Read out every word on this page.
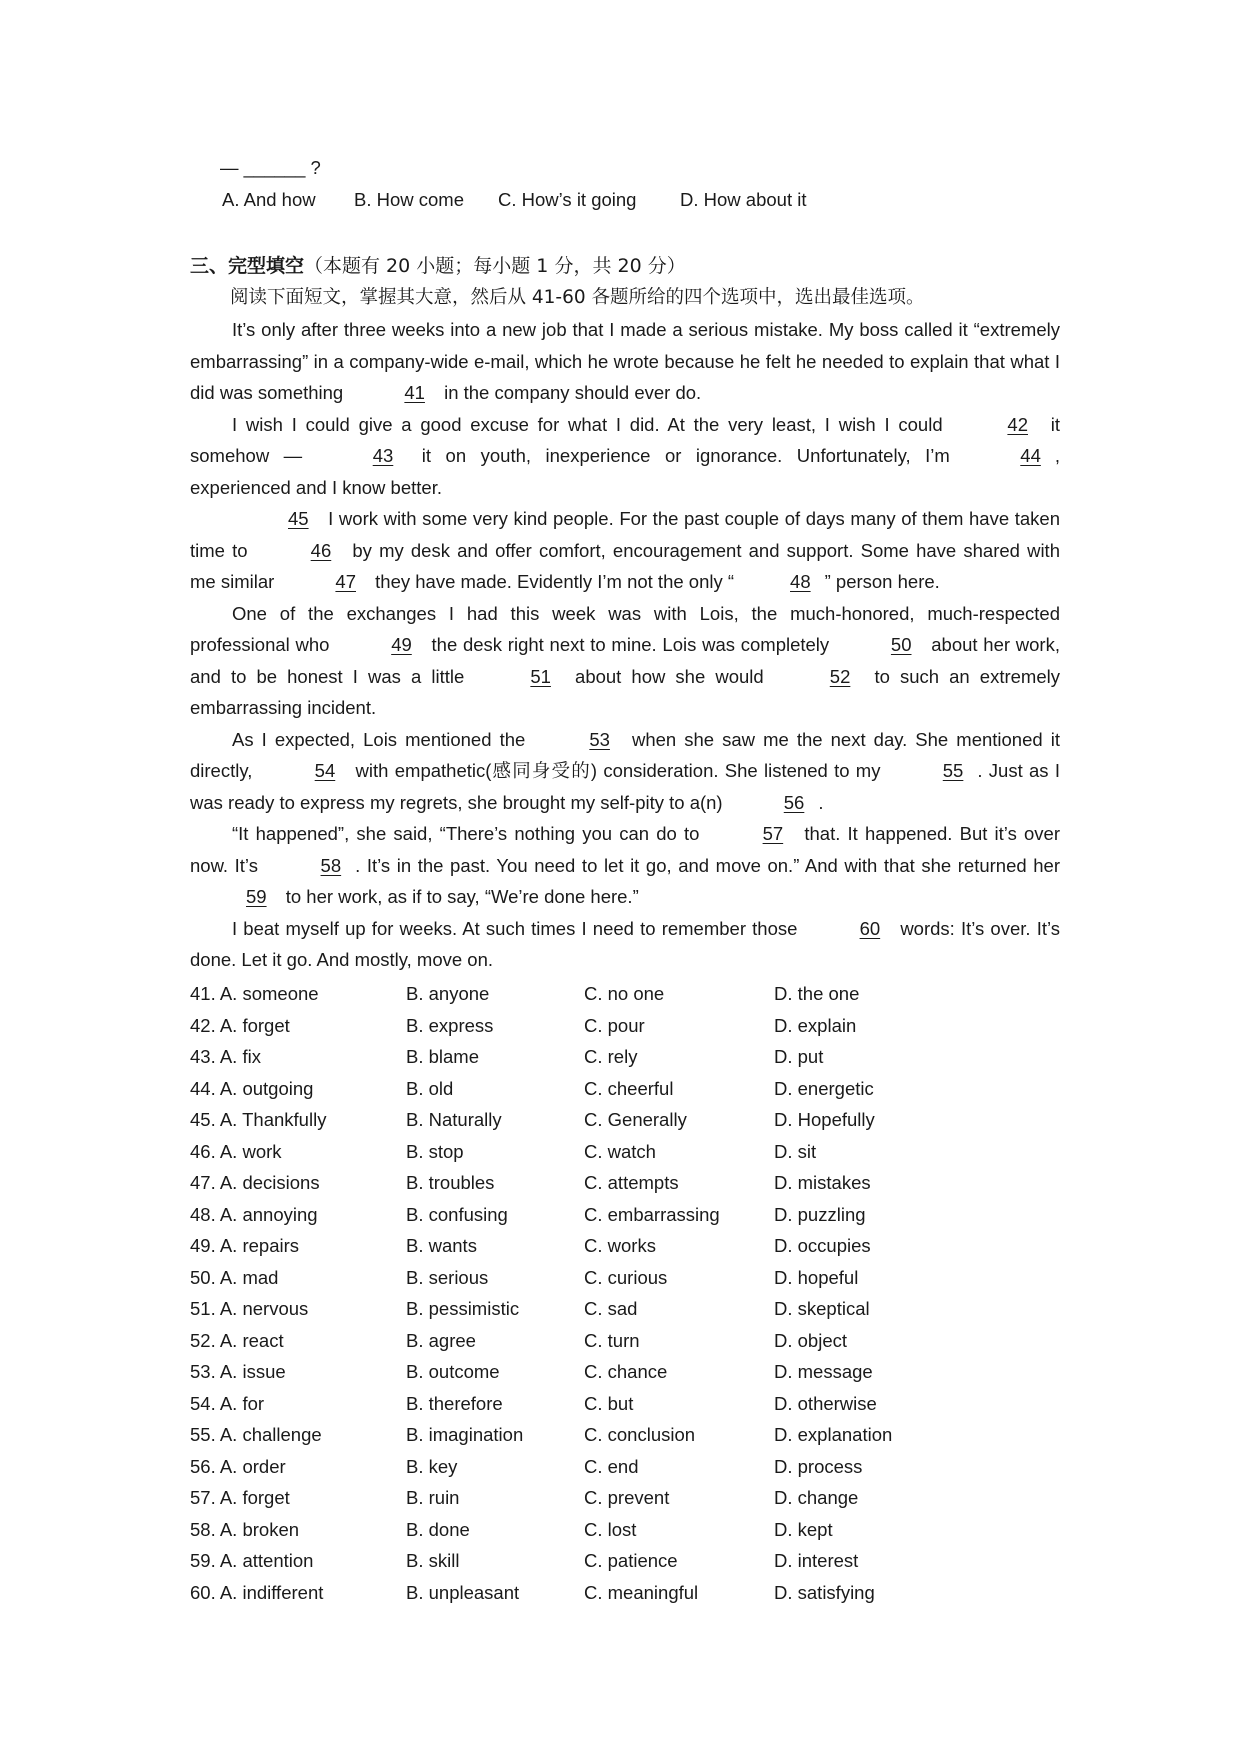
— ______ ?
A. And how B. How come C. How’s it going D. How about it
三、完型填空（本题有 20 小题；每小题 1 分，共 20 分）
阅读下面短文，掌握其大意，然后从 41-60 各题所给的四个选项中，选出最佳选项。

It’s only after three weeks into a new job that I made a serious mistake. My boss called it “extremely embarrassing” in a company-wide e-mail, which he wrote because he felt he needed to explain that what I did was something	41 in the company should ever do.

I wish I could give a good excuse for what I did. At the very least, I wish I could	42 it somehow —	43 it on youth, inexperience or ignorance. Unfortunately, I’m	44 , experienced and I know better.

45 I work with some very kind people. For the past couple of days many of them have taken time to	46 by my desk and offer comfort, encouragement and support. Some have shared with me similar	47 they have made. Evidently I’m not the only “	48 ” person here.

One of the exchanges I had this week was with Lois, the much-honored, much-respected professional who	49 the desk right next to mine. Lois was completely	50 about her work, and to be honest I was a little	51 about how she would	52 to such an extremely embarrassing incident.

As I expected, Lois mentioned the	53 when she saw me the next day. She mentioned it directly,	54 with empathetic(感同身受的) consideration. She listened to my	55 . Just as I was ready to express my regrets, she brought my self-pity to a(n)	56 .

“It happened”, she said, “There’s nothing you can do to	57 that. It happened. But it’s over now. It’s	58 . It’s in the past. You need to let it go, and move on.” And with that she returned her 59 to her work, as if to say, “We’re done here.”

I beat myself up for weeks. At such times I need to remember those	60 words: It’s over. It’s done. Let it go. And mostly, move on.

41. A. someone	B. anyone	C. no one	D. the one
42. A. forget	B. express	C. pour	D. explain
43. A. fix	B. blame	C. rely	D. put
44. A. outgoing	B. old	C. cheerful	D. energetic
45. A. Thankfully	B. Naturally	C. Generally	D. Hopefully
46. A. work	B. stop	C. watch	D. sit
47. A. decisions	B. troubles	C. attempts	D. mistakes
48. A. annoying	B. confusing	C. embarrassing	D. puzzling
49. A. repairs	B. wants	C. works	D. occupies
50. A. mad	B. serious	C. curious	D. hopeful
51. A. nervous	B. pessimistic	C. sad	D. skeptical
52. A. react	B. agree	C. turn	D. object
53. A. issue	B. outcome	C. chance	D. message
54. A. for	B. therefore	C. but	D. otherwise
55. A. challenge	B. imagination	C. conclusion	D. explanation
56. A. order	B. key	C. end	D. process
57. A. forget	B. ruin	C. prevent	D. change
58. A. broken	B. done	C. lost	D. kept
59. A. attention	B. skill	C. patience	D. interest
60. A. indifferent	B. unpleasant	C. meaningful	D. satisfying
